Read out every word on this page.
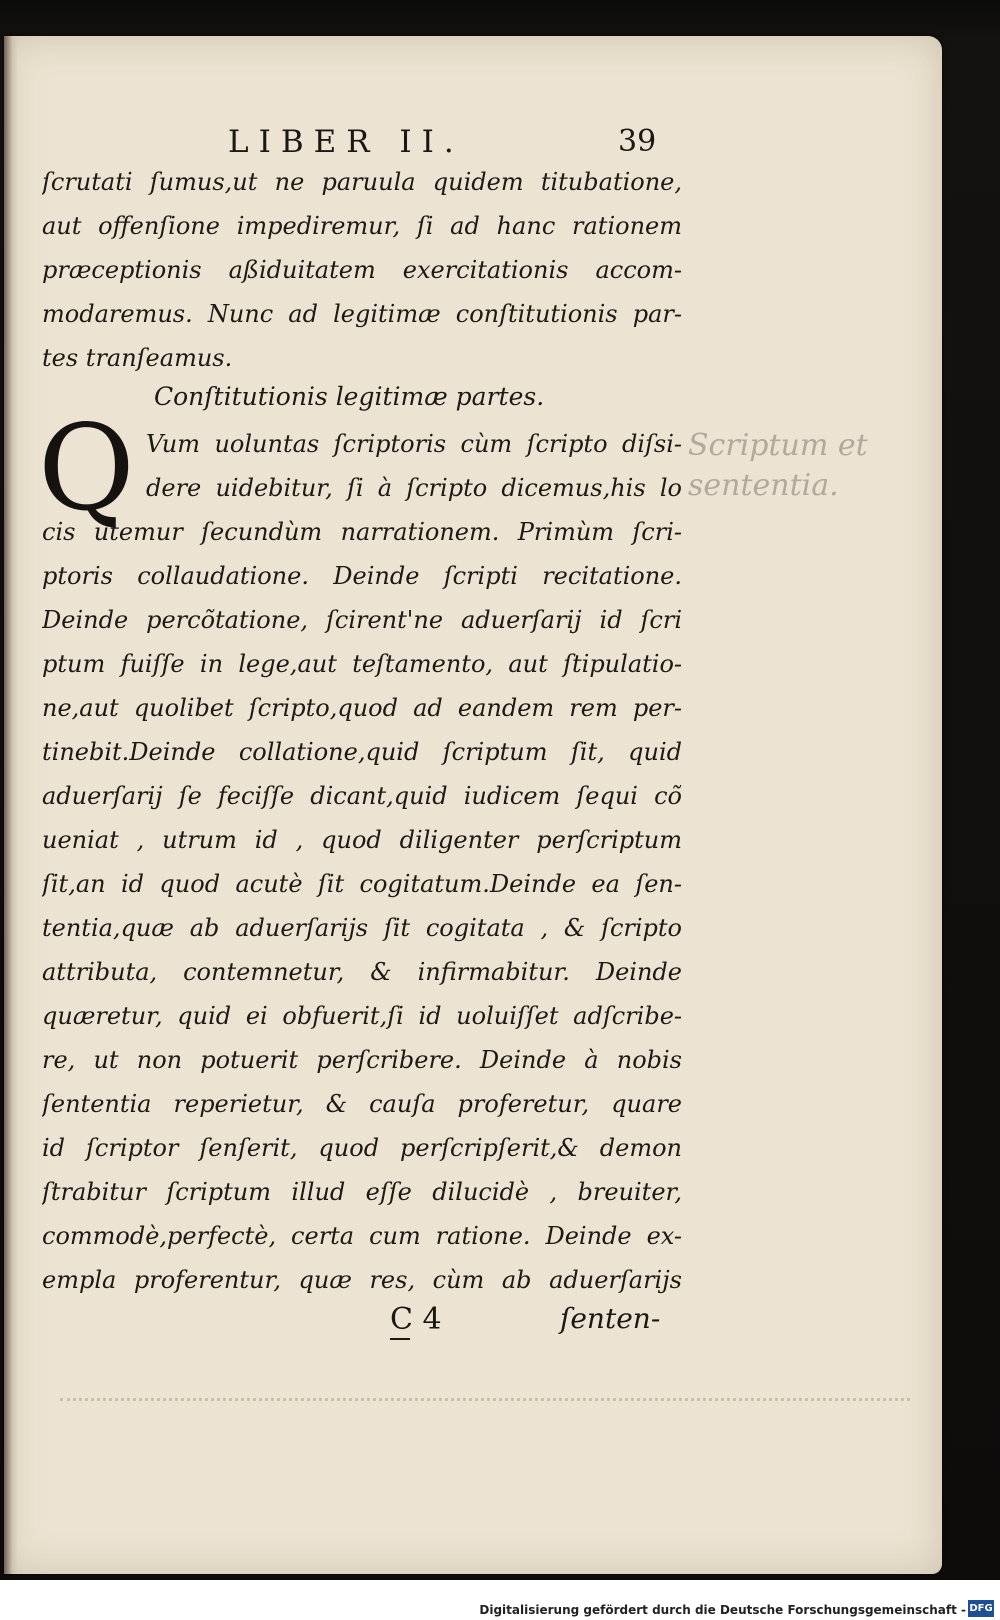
LIBER II.	39
ſcrutati ſumus,ut ne paruula quidem titubatione,
aut offenſione impediremur, ſi ad hanc rationem
præceptionis aßiduitatem exercitationis accom-
modaremus. Nunc ad legitimæ conſtitutionis par-
tes tranſeamus.
Conſtitutionis legitimæ partes.
Q Vum uoluntas ſcriptoris cùm ſcripto diſsi-
dere uidebitur, ſi à ſcripto dicemus,his lo
cis utemur ſecundùm narrationem. Primùm ſcri-
ptoris collaudatione. Deinde ſcripti recitatione.
Deinde percõtatione, ſcirent'ne aduerſarij id ſcri
ptum fuiſſe in lege,aut teſtamento, aut ſtipulatio-
ne,aut quolibet ſcripto,quod ad eandem rem per-
tinebit.Deinde collatione,quid ſcriptum ſit, quid
aduerſarij ſe feciſſe dicant,quid iudicem ſequi cõ
ueniat , utrum id , quod diligenter perſcriptum
ſit,an id quod acutè ſit cogitatum.Deinde ea ſen-
tentia,quæ ab aduerſarijs ſit cogitata , & ſcripto
attributa, contemnetur, & infirmabitur. Deinde
quæretur, quid ei obfuerit,ſi id uoluiſſet adſcribe-
re, ut non potuerit perſcribere. Deinde à nobis
ſententia reperietur, & cauſa proferetur, quare
id ſcriptor ſenſerit, quod perſcripſerit,& demon
ſtrabitur ſcriptum illud eſſe dilucidè , breuiter,
commodè,perfectè, certa cum ratione. Deinde ex-
empla proferentur, quæ res, cùm ab aduerſarijs
Scriptum et
sententia.
C 4	ſenten-
Digitalisierung gefördert durch die Deutsche Forschungsgemeinschaft - DFG
